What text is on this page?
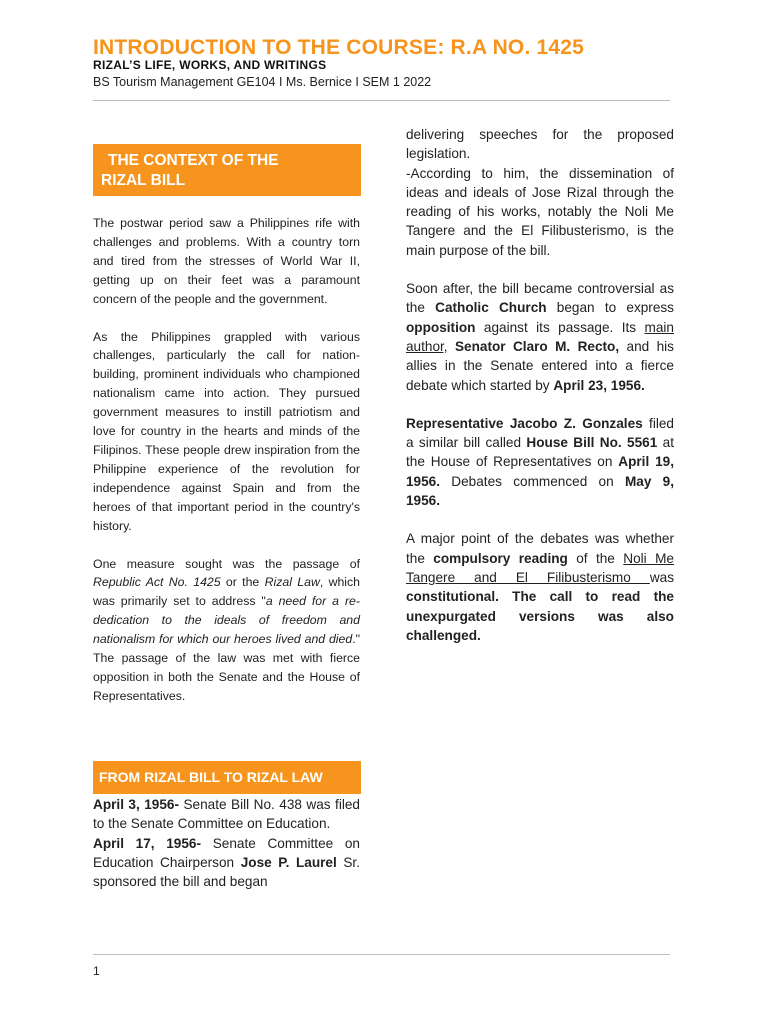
INTRODUCTION TO THE COURSE: R.A NO. 1425
RIZAL’S LIFE, WORKS, AND WRITINGS
BS Tourism Management GE104 I Ms. Bernice I SEM 1 2022
THE CONTEXT OF THE
RIZAL BILL

The postwar period saw a Philippines rife with challenges and problems. With a country torn and tired from the stresses of World War II, getting up on their feet was a paramount concern of the people and the government.

As the Philippines grappled with various challenges, particularly the call for nation-building, prominent individuals who championed nationalism came into action. They pursued government measures to instill patriotism and love for country in the hearts and minds of the Filipinos. These people drew inspiration from the Philippine experience of the revolution for independence against Spain and from the heroes of that important period in the country's history.

One measure sought was the passage of Republic Act No. 1425 or the Rizal Law, which was primarily set to address "a need for a re-dedication to the ideals of freedom and nationalism for which our heroes lived and died." The passage of the law was met with fierce opposition in both the Senate and the House of Representatives.

FROM RIZAL BILL TO RIZAL LAW

April 3, 1956- Senate Bill No. 438 was filed to the Senate Committee on Education.

April 17, 1956- Senate Committee on Education Chairperson Jose P. Laurel Sr. sponsored the bill and began

delivering speeches for the proposed legislation.

-According to him, the dissemination of ideas and ideals of Jose Rizal through the reading of his works, notably the Noli Me Tangere and the El Filibusterismo, is the main purpose of the bill.

Soon after, the bill became controversial as the Catholic Church began to express opposition against its passage. Its main author, Senator Claro M. Recto, and his allies in the Senate entered into a fierce debate which started by April 23, 1956.

Representative Jacobo Z. Gonzales filed a similar bill called House Bill No. 5561 at the House of Representatives on April 19, 1956. Debates commenced on May 9, 1956.

A major point of the debates was whether the compulsory reading of the Noli Me Tangere and El Filibusterismo was constitutional. The call to read the unexpurgated versions was also challenged.

1
